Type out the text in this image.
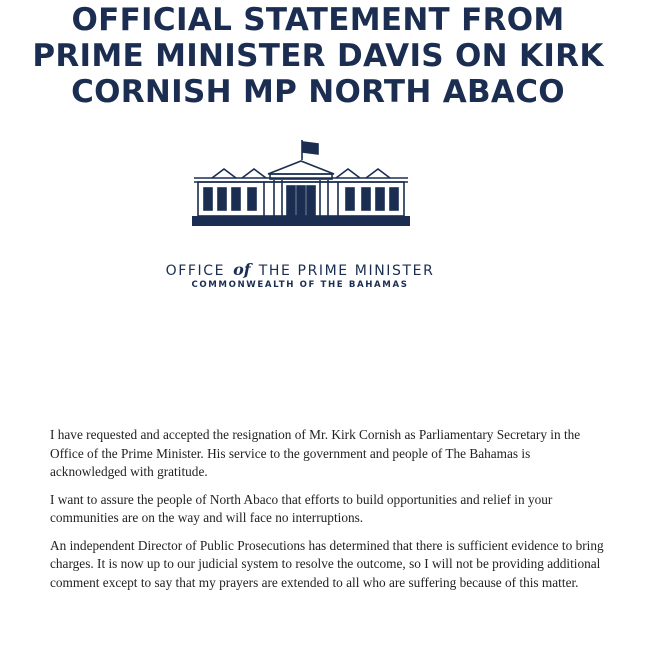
OFFICIAL STATEMENT FROM
PRIME MINISTER DAVIS ON KIRK
CORNISH MP NORTH ABACO
OFFICE of THE PRIME MINISTER
COMMONWEALTH OF THE BAHAMAS

I have requested and accepted the resignation of Mr. Kirk Cornish as Parliamentary Secretary in the Office of the Prime Minister. His service to the government and people of The Bahamas is acknowledged with gratitude.

I want to assure the people of North Abaco that efforts to build opportunities and relief in your communities are on the way and will face no interruptions.

An independent Director of Public Prosecutions has determined that there is sufficient evidence to bring charges. It is now up to our judicial system to resolve the outcome, so I will not be providing additional comment except to say that my prayers are extended to all who are suffering because of this matter.
